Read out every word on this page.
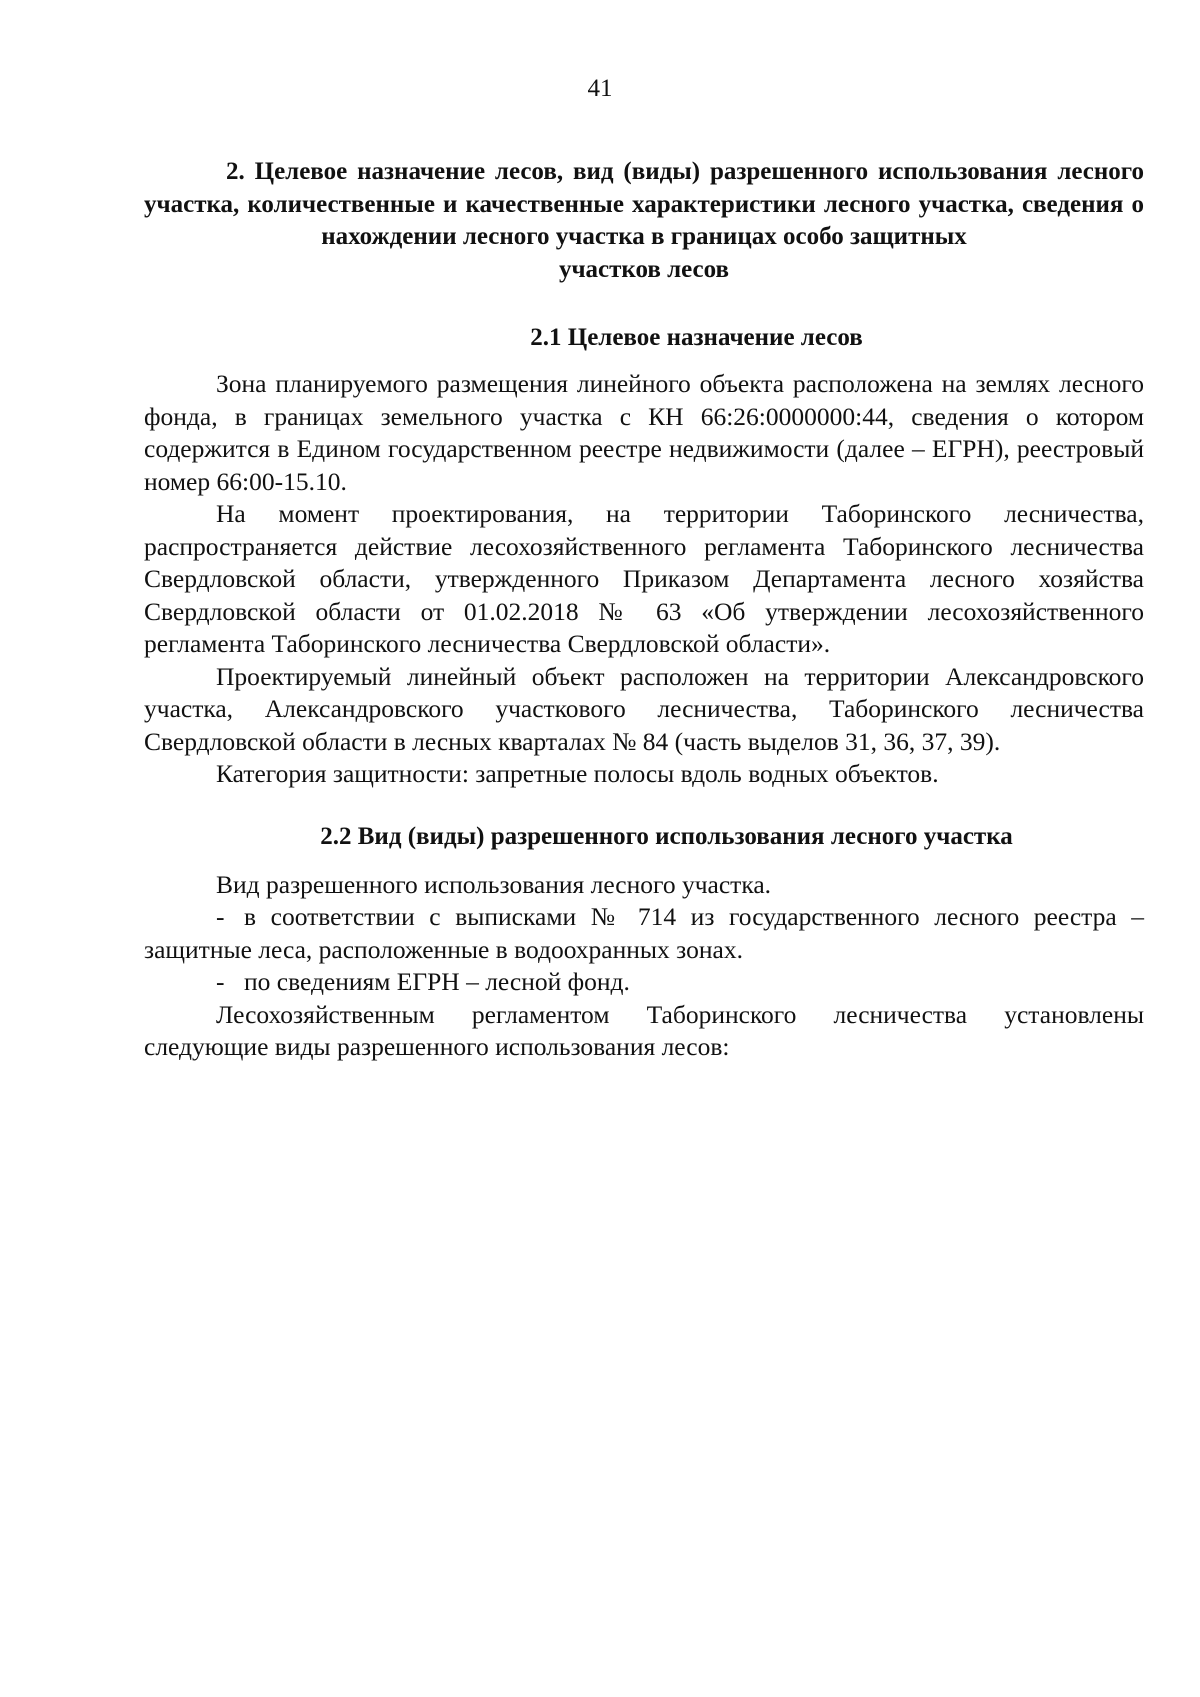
41
2. Целевое назначение лесов, вид (виды) разрешенного использования лесного участка, количественные и качественные характеристики лесного участка, сведения о нахождении лесного участка в границах особо защитных
участков лесов
2.1 Целевое назначение лесов

Зона планируемого размещения линейного объекта расположена на землях лесного фонда, в границах земельного участка с КН 66:26:0000000:44, сведения о котором содержится в Едином государственном реестре недвижимости (далее – ЕГРН), реестровый номер 66:00-15.10.

На момент проектирования, на территории Таборинского лесничества, распространяется действие лесохозяйственного регламента Таборинского лесничества Свердловской области, утвержденного Приказом Департамента лесного хозяйства Свердловской области от 01.02.2018 № 63 «Об утверждении лесохозяйственного регламента Таборинского лесничества Свердловской области».

Проектируемый линейный объект расположен на территории Александровского участка, Александровского участкового лесничества, Таборинского лесничества Свердловской области в лесных кварталах № 84 (часть выделов 31, 36, 37, 39).

Категория защитности: запретные полосы вдоль водных объектов.

2.2 Вид (виды) разрешенного использования лесного участка

Вид разрешенного использования лесного участка.

- в соответствии с выписками № 714 из государственного лесного реестра – защитные леса, расположенные в водоохранных зонах.

- по сведениям ЕГРН – лесной фонд.

Лесохозяйственным регламентом Таборинского лесничества установлены следующие виды разрешенного использования лесов:
